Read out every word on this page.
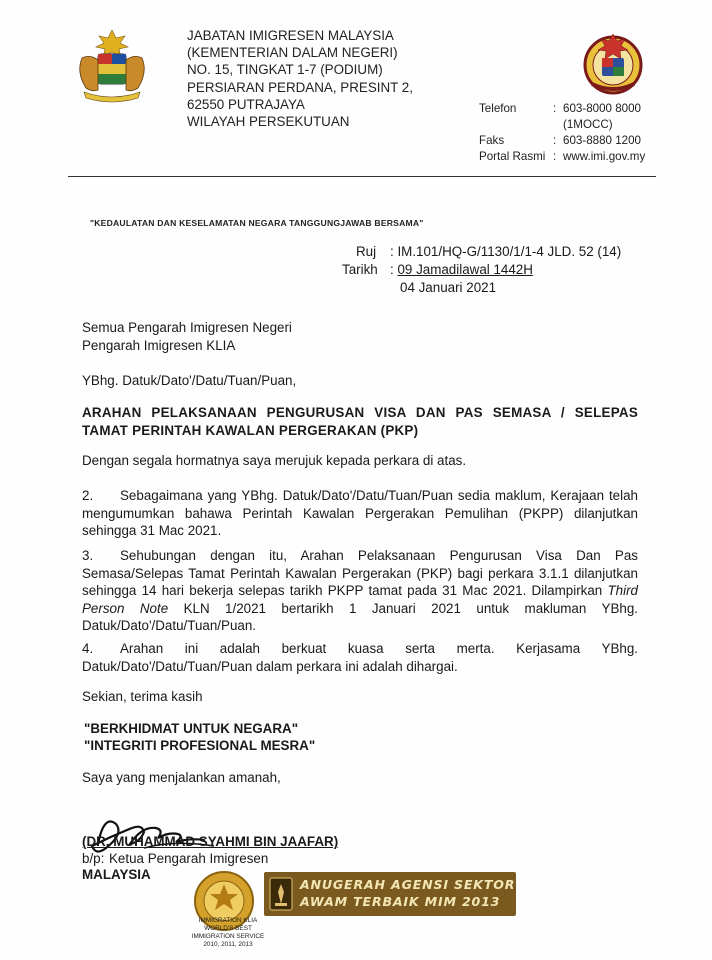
JABATAN IMIGRESEN MALAYSIA
(KEMENTERIAN DALAM NEGERI)
NO. 15, TINGKAT 1-7 (PODIUM)
PERSIARAN PERDANA, PRESINT 2,
62550 PUTRAJAYA
WILAYAH PERSEKUTUAN
Telefon	: 603-8000 8000
(1MOCC)
Faks	: 603-8880 1200
Portal Rasmi : www.imi.gov.my
"KEDAULATAN DAN KESELAMATAN NEGARA TANGGUNGJAWAB BERSAMA"
Ruj	: IM.101/HQ-G/1130/1/1-4 JLD. 52 (14)
Tarikh : 09 Jamadilawal 1442H
04 Januari 2021
Semua Pengarah Imigresen Negeri
Pengarah Imigresen KLIA
YBhg. Datuk/Dato'/Datu/Tuan/Puan,
ARAHAN PELAKSANAAN PENGURUSAN VISA DAN PAS SEMASA / SELEPAS TAMAT PERINTAH KAWALAN PERGERAKAN (PKP)
Dengan segala hormatnya saya merujuk kepada perkara di atas.
2. Sebagaimana yang YBhg. Datuk/Dato'/Datu/Tuan/Puan sedia maklum, Kerajaan telah mengumumkan bahawa Perintah Kawalan Pergerakan Pemulihan (PKPP) dilanjutkan sehingga 31 Mac 2021.
3. Sehubungan dengan itu, Arahan Pelaksanaan Pengurusan Visa Dan Pas Semasa/Selepas Tamat Perintah Kawalan Pergerakan (PKP) bagi perkara 3.1.1 dilanjutkan sehingga 14 hari bekerja selepas tarikh PKPP tamat pada 31 Mac 2021. Dilampirkan Third Person Note KLN 1/2021 bertarikh 1 Januari 2021 untuk makluman YBhg. Datuk/Dato'/Datu/Tuan/Puan.
4. Arahan ini adalah berkuat kuasa serta merta. Kerjasama YBhg. Datuk/Dato'/Datu/Tuan/Puan dalam perkara ini adalah dihargai.
Sekian, terima kasih
"BERKHIDMAT UNTUK NEGARA"
"INTEGRITI PROFESIONAL MESRA"
Saya yang menjalankan amanah,
(DR. MUHAMMAD SYAHMI BIN JAAFAR)
b/p: Ketua Pengarah Imigresen
MALAYSIA
ANUGERAH AGENSI SEKTOR
AWAM TERBAIK MIM 2013
IMMIGRATION KLIA
WORLD'S BEST
IMMIGRATION SERVICE
2010, 2011, 2013
